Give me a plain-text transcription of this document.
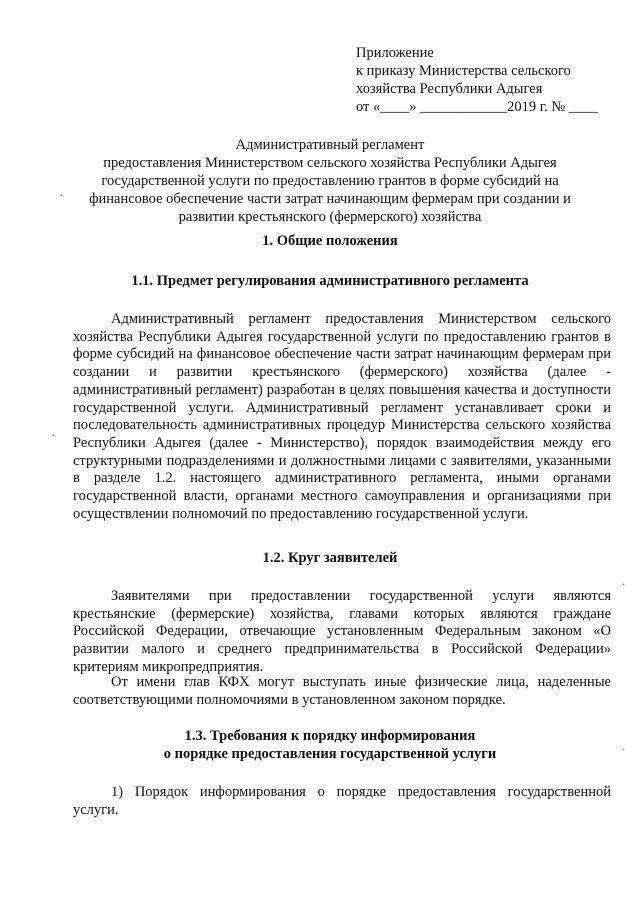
Приложение
к приказу Министерства сельского
хозяйства Республики Адыгея
от «____» ____________2019 г. № ____
Административный регламент
предоставления Министерством сельского хозяйства Республики Адыгея
государственной услуги по предоставлению грантов в форме субсидий на
финансовое обеспечение части затрат начинающим фермерам при создании и
развитии крестьянского (фермерского) хозяйства
1. Общие положения
1.1. Предмет регулирования административного регламента

Административный регламент предоставления Министерством сельского хозяйства Республики Адыгея государственной услуги по предоставлению грантов в форме субсидий на финансовое обеспечение части затрат начинающим фермерам при создании и развитии крестьянского (фермерского) хозяйства (далее - административный регламент) разработан в целях повышения качества и доступности государственной услуги. Административный регламент устанавливает сроки и последовательность административных процедур Министерства сельского хозяйства Республики Адыгея (далее - Министерство), порядок взаимодействия между его структурными подразделениями и должностными лицами с заявителями, указанными в разделе 1.2. настоящего административного регламента, иными органами государственной власти, органами местного самоуправления и организациями при осуществлении полномочий по предоставлению государственной услуги.

1.2. Круг заявителей

Заявителями при предоставлении государственной услуги являются крестьянские (фермерские) хозяйства, главами которых являются граждане Российской Федерации, отвечающие установленным Федеральным законом «О развитии малого и среднего предпринимательства в Российской Федерации» критериям микропредприятия.

От имени глав КФХ могут выступать иные физические лица, наделенные соответствующими полномочиями в установленном законом порядке.

1.3. Требования к порядку информирования
о порядке предоставления государственной услуги

1) Порядок информирования о порядке предоставления государственной услуги.

.
.
.
.
